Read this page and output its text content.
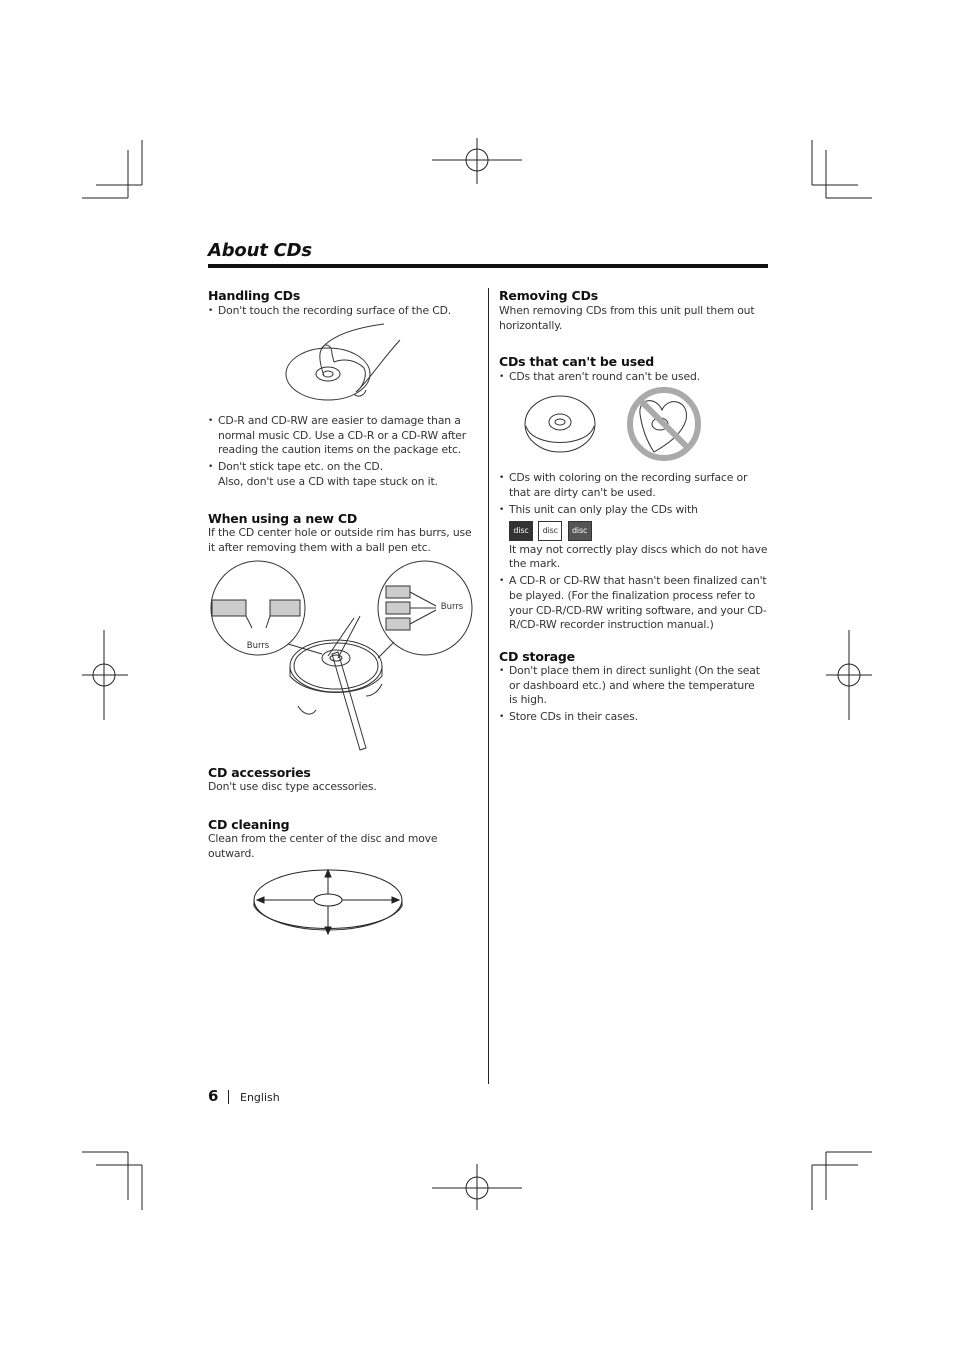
About CDs
Handling CDs
• Don't touch the recording surface of the CD.
• CD-R and CD-RW are easier to damage than a normal music CD. Use a CD-R or a CD-RW after reading the caution items on the package etc.
• Don't stick tape etc. on the CD.
Also, don't use a CD with tape stuck on it.
When using a new CD
If the CD center hole or outside rim has burrs, use it after removing them with a ball pen etc.
Burrs
Burrs
CD accessories
Don't use disc type accessories.
CD cleaning
Clean from the center of the disc and move outward.
Removing CDs
When removing CDs from this unit pull them out horizontally.
CDs that can't be used
• CDs that aren't round can't be used.
• CDs with coloring on the recording surface or that are dirty can't be used.
• This unit can only play the CDs with
disc disc disc
It may not correctly play discs which do not have the mark.
• A CD-R or CD-RW that hasn't been finalized can't be played. (For the finalization process refer to your CD-R/CD-RW writing software, and your CD-R/CD-RW recorder instruction manual.)
CD storage
• Don't place them in direct sunlight (On the seat or dashboard etc.) and where the temperature is high.
• Store CDs in their cases.
6 English
